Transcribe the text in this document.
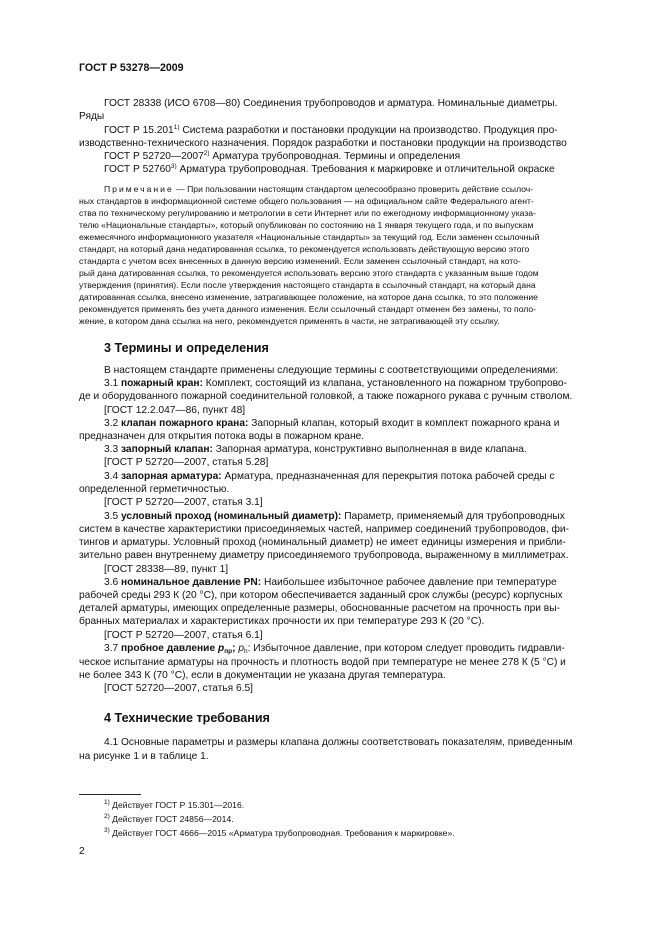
ГОСТ Р 53278—2009
ГОСТ 28338 (ИСО 6708—80) Соединения трубопроводов и арматура. Номинальные диаметры.
Ряды
ГОСТ Р 15.201$^{1)}$ Система разработки и постановки продукции на производство. Продукция про-
изводственно-технического назначения. Порядок разработки и постановки продукции на производство
ГОСТ Р 52720—2007$^{2)}$ Арматура трубопроводная. Термины и определения
ГОСТ Р 52760$^{3)}$ Арматура трубопроводная. Требования к маркировке и отличительной окраске
Примечание — При пользовании настоящим стандартом целесообразно проверить действие ссылоч-
ных стандартов в информационной системе общего пользования — на официальном сайте Федерального агент-
ства по техническому регулированию и метрологии в сети Интернет или по ежегодному информационному указа-
телю «Национальные стандарты», который опубликован по состоянию на 1 января текущего года, и по выпускам
ежемесячного информационного указателя «Национальные стандарты» за текущий год. Если заменен ссылочный
стандарт, на который дана недатированная ссылка, то рекомендуется использовать действующую версию этого
стандарта с учетом всех внесенных в данную версию изменений. Если заменен ссылочный стандарт, на кото-
рый дана датированная ссылка, то рекомендуется использовать версию этого стандарта с указанным выше годом
утверждения (принятия). Если после утверждения настоящего стандарта в ссылочный стандарт, на который дана
датированная ссылка, внесено изменение, затрагивающее положение, на которое дана ссылка, то это положение
рекомендуется применять без учета данного изменения. Если ссылочный стандарт отменен без замены, то поло-
жение, в котором дана ссылка на него, рекомендуется применять в части, не затрагивающей эту ссылку.
3 Термины и определения
В настоящем стандарте применены следующие термины с соответствующими определениями:
3.1 пожарный кран: Комплект, состоящий из клапана, установленного на пожарном трубопрово-
де и оборудованного пожарной соединительной головкой, а также пожарного рукава с ручным стволом.
[ГОСТ 12.2.047—86, пункт 48]
3.2 клапан пожарного крана: Запорный клапан, который входит в комплект пожарного крана и
предназначен для открытия потока воды в пожарном кране.
3.3 запорный клапан: Запорная арматура, конструктивно выполненная в виде клапана.
[ГОСТ Р 52720—2007, статья 5.28]
3.4 запорная арматура: Арматура, предназначенная для перекрытия потока рабочей среды с
определенной герметичностью.
[ГОСТ Р 52720—2007, статья 3.1]
3.5 условный проход (номинальный диаметр): Параметр, применяемый для трубопроводных
систем в качестве характеристики присоединяемых частей, например соединений трубопроводов, фи-
тингов и арматуры. Условный проход (номинальный диаметр) не имеет единицы измерения и прибли-
зительно равен внутреннему диаметру присоединяемого трубопровода, выраженному в миллиметрах.
[ГОСТ 28338—89, пункт 1]
3.6 номинальное давление PN: Наибольшее избыточное рабочее давление при температуре
рабочей среды 293 К (20 °С), при котором обеспечивается заданный срок службы (ресурс) корпусных
деталей арматуры, имеющих определенные размеры, обоснованные расчетом на прочность при вы-
бранных материалах и характеристиках прочности их при температуре 293 К (20 °С).
[ГОСТ Р 52720—2007, статья 6.1]
3.7 пробное давление $p_{пр}$; $p_h$: Избыточное давление, при котором следует проводить гидравли-
ческое испытание арматуры на прочность и плотность водой при температуре не менее 278 К (5 °С) и
не более 343 К (70 °С), если в документации не указана другая температура.
[ГОСТ 52720—2007, статья 6.5]
4 Технические требования
4.1 Основные параметры и размеры клапана должны соответствовать показателям, приведенным
на рисунке 1 и в таблице 1.
$^{1)}$ Действует ГОСТ Р 15.301—2016.
$^{2)}$ Действует ГОСТ 24856—2014.
$^{3)}$ Действует ГОСТ 4666—2015 «Арматура трубопроводная. Требования к маркировке».
2
